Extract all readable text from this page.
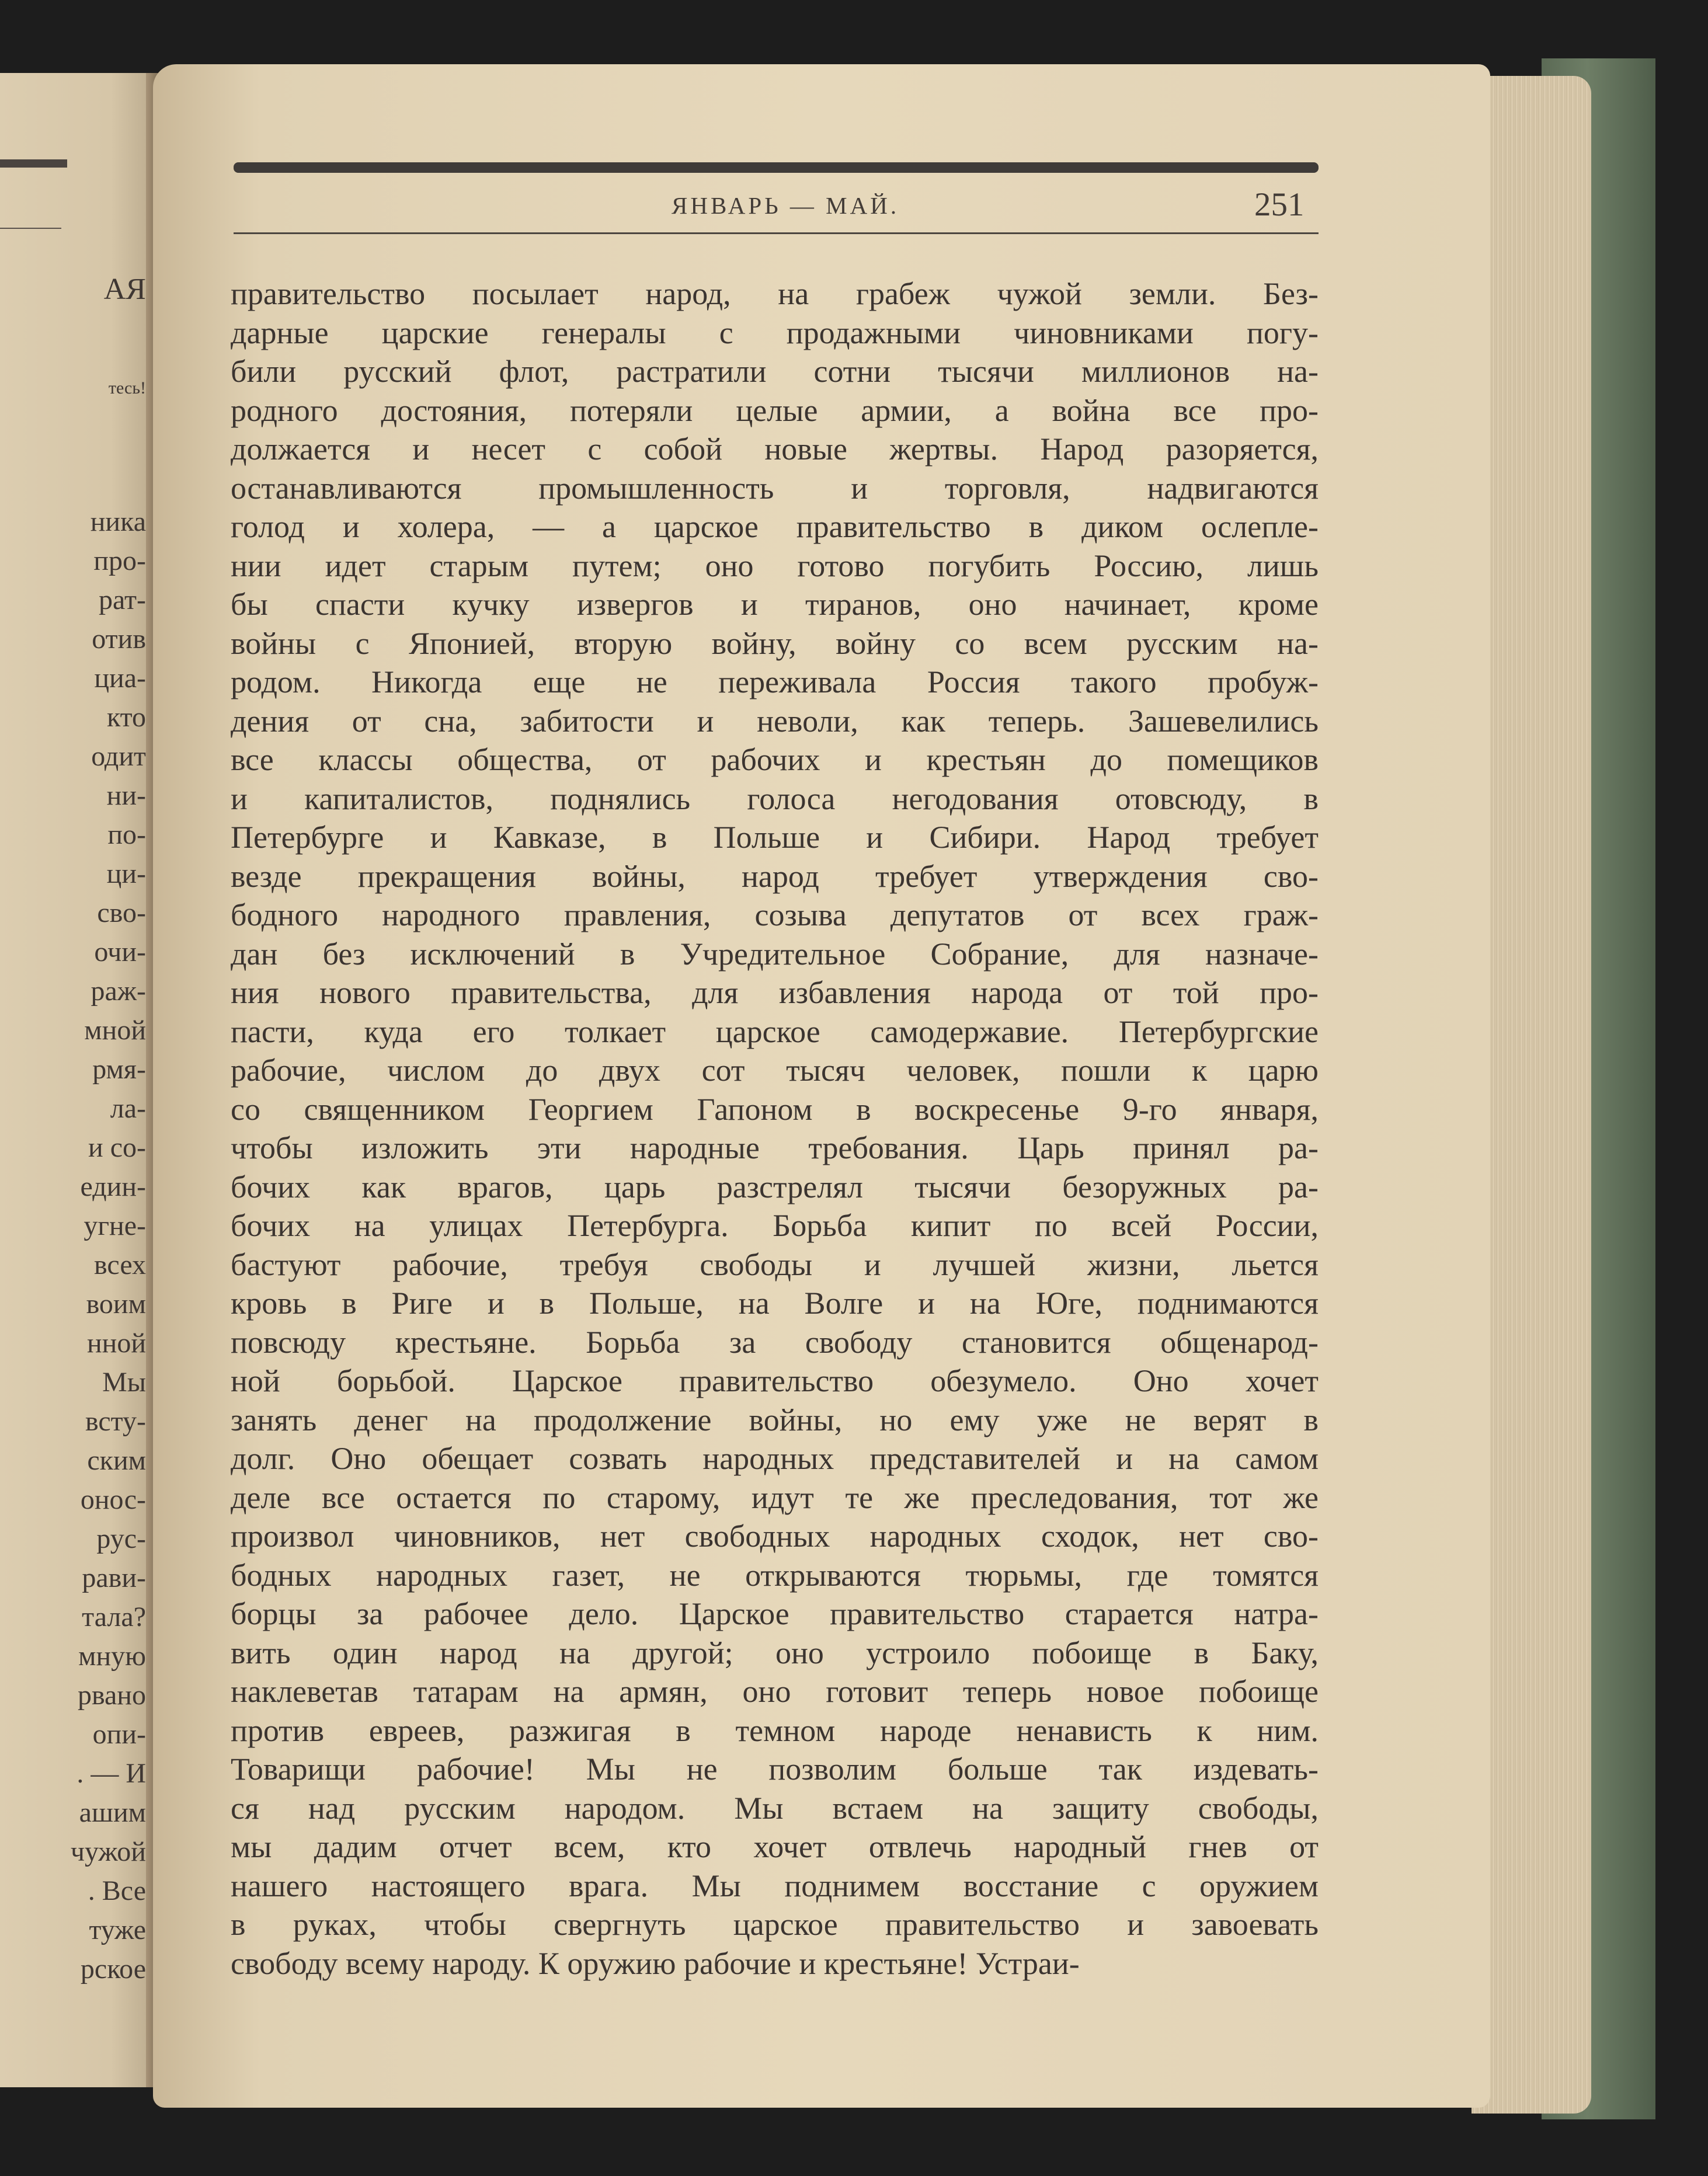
АЯ

тесь!

ника

про-

рат-

отив

циа-

кто

одит

ни-

по-

ци-

сво-

очи-

раж-

мной

рмя-

ла-

и со-

един-

угне-

всех

воим

нной

Мы

всту-

ским

онос-

рус-

рави-

тала?

мную

рвано

опи-

. — И

ашим

чужой

. Все

туже

рское

ЯНВАРЬ — МАЙ.	251

правительство посылает народ, на грабеж чужой земли. Без-

дарные царские генералы с продажными чиновниками погу-

били русский флот, растратили сотни тысячи миллионов на-

родного достояния, потеряли целые армии, а война все про-

должается и несет с собой новые жертвы. Народ разоряется,

останавливаются промышленность и торговля, надвигаются

голод и холера, — а царское правительство в диком ослепле-

нии идет старым путем; оно готово погубить Россию, лишь

бы спасти кучку извергов и тиранов, оно начинает, кроме

войны с Японией, вторую войну, войну со всем русским на-

родом. Никогда еще не переживала Россия такого пробуж-

дения от сна, забитости и неволи, как теперь. Зашевелились

все классы общества, от рабочих и крестьян до помещиков

и капиталистов, поднялись голоса негодования отовсюду, в

Петербурге и Кавказе, в Польше и Сибири. Народ требует

везде прекращения войны, народ требует утверждения сво-

бодного народного правления, созыва депутатов от всех граж-

дан без исключений в Учредительное Собрание, для назначе-

ния нового правительства, для избавления народа от той про-

пасти, куда его толкает царское самодержавие. Петербургские

рабочие, числом до двух сот тысяч человек, пошли к царю

со священником Георгием Гапоном в воскресенье 9-го января,

чтобы изложить эти народные требования. Царь принял ра-

бочих как врагов, царь разстрелял тысячи безоружных ра-

бочих на улицах Петербурга. Борьба кипит по всей России,

бастуют рабочие, требуя свободы и лучшей жизни, льется

кровь в Риге и в Польше, на Волге и на Юге, поднимаются

повсюду крестьяне. Борьба за свободу становится общенарод-

ной борьбой. Царское правительство обезумело. Оно хочет

занять денег на продолжение войны, но ему уже не верят в

долг. Оно обещает созвать народных представителей и на самом

деле все остается по старому, идут те же преследования, тот же

произвол чиновников, нет свободных народных сходок, нет сво-

бодных народных газет, не открываются тюрьмы, где томятся

борцы за рабочее дело. Царское правительство старается натра-

вить один народ на другой; оно устроило побоище в Баку,

наклеветав татарам на армян, оно готовит теперь новое побоище

против евреев, разжигая в темном народе ненависть к ним.

Товарищи рабочие! Мы не позволим больше так издевать-

ся над русским народом. Мы встаем на защиту свободы,

мы дадим отчет всем, кто хочет отвлечь народный гнев от

нашего настоящего врага. Мы поднимем восстание с оружием

в руках, чтобы свергнуть царское правительство и завоевать

свободу всему народу. К оружию рабочие и крестьяне! Устраи-
